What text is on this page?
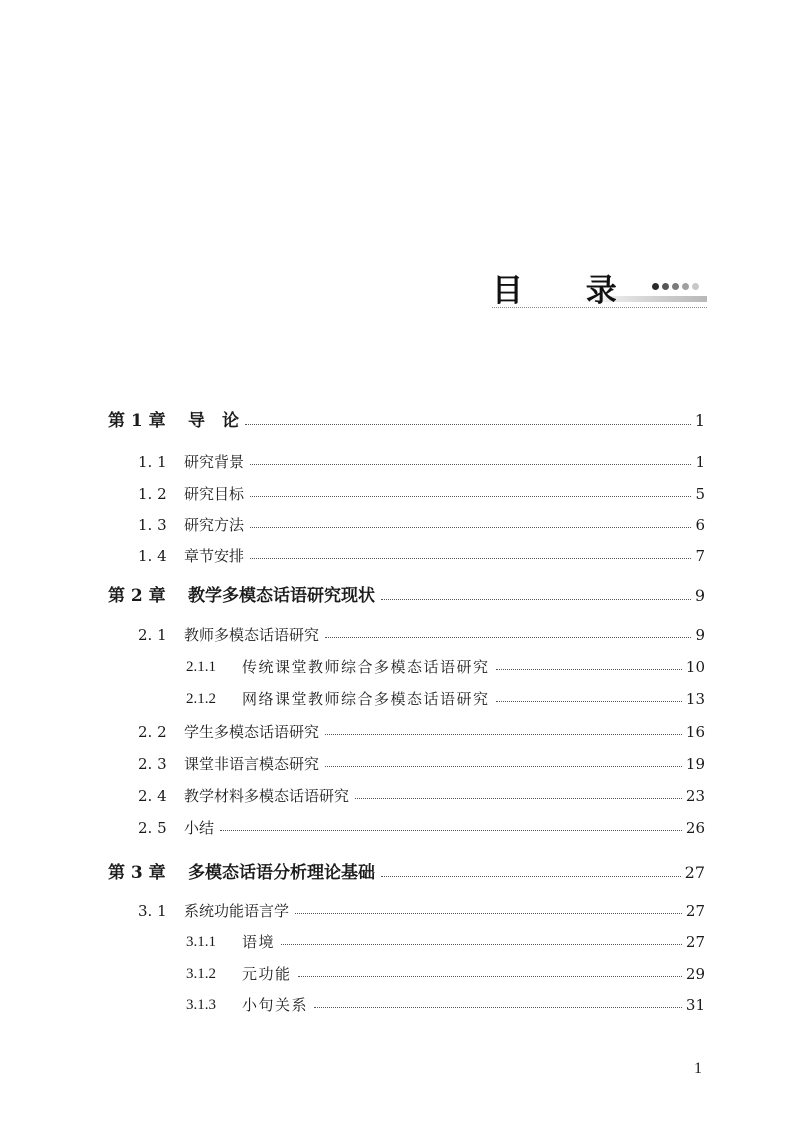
目 录
第 1 章	导　论	1
1. 1	研究背景	1
1. 2	研究目标	5
1. 3	研究方法	6
1. 4	章节安排	7
第 2 章	教学多模态话语研究现状	9
2. 1	教师多模态话语研究	9
2.1.1	传统课堂教师综合多模态话语研究	10
2.1.2	网络课堂教师综合多模态话语研究	13
2. 2	学生多模态话语研究	16
2. 3	课堂非语言模态研究	19
2. 4	教学材料多模态话语研究	23
2. 5	小结	26
第 3 章	多模态话语分析理论基础	27
3. 1	系统功能语言学	27
3.1.1	语境	27
3.1.2	元功能	29
3.1.3	小句关系	31
1
